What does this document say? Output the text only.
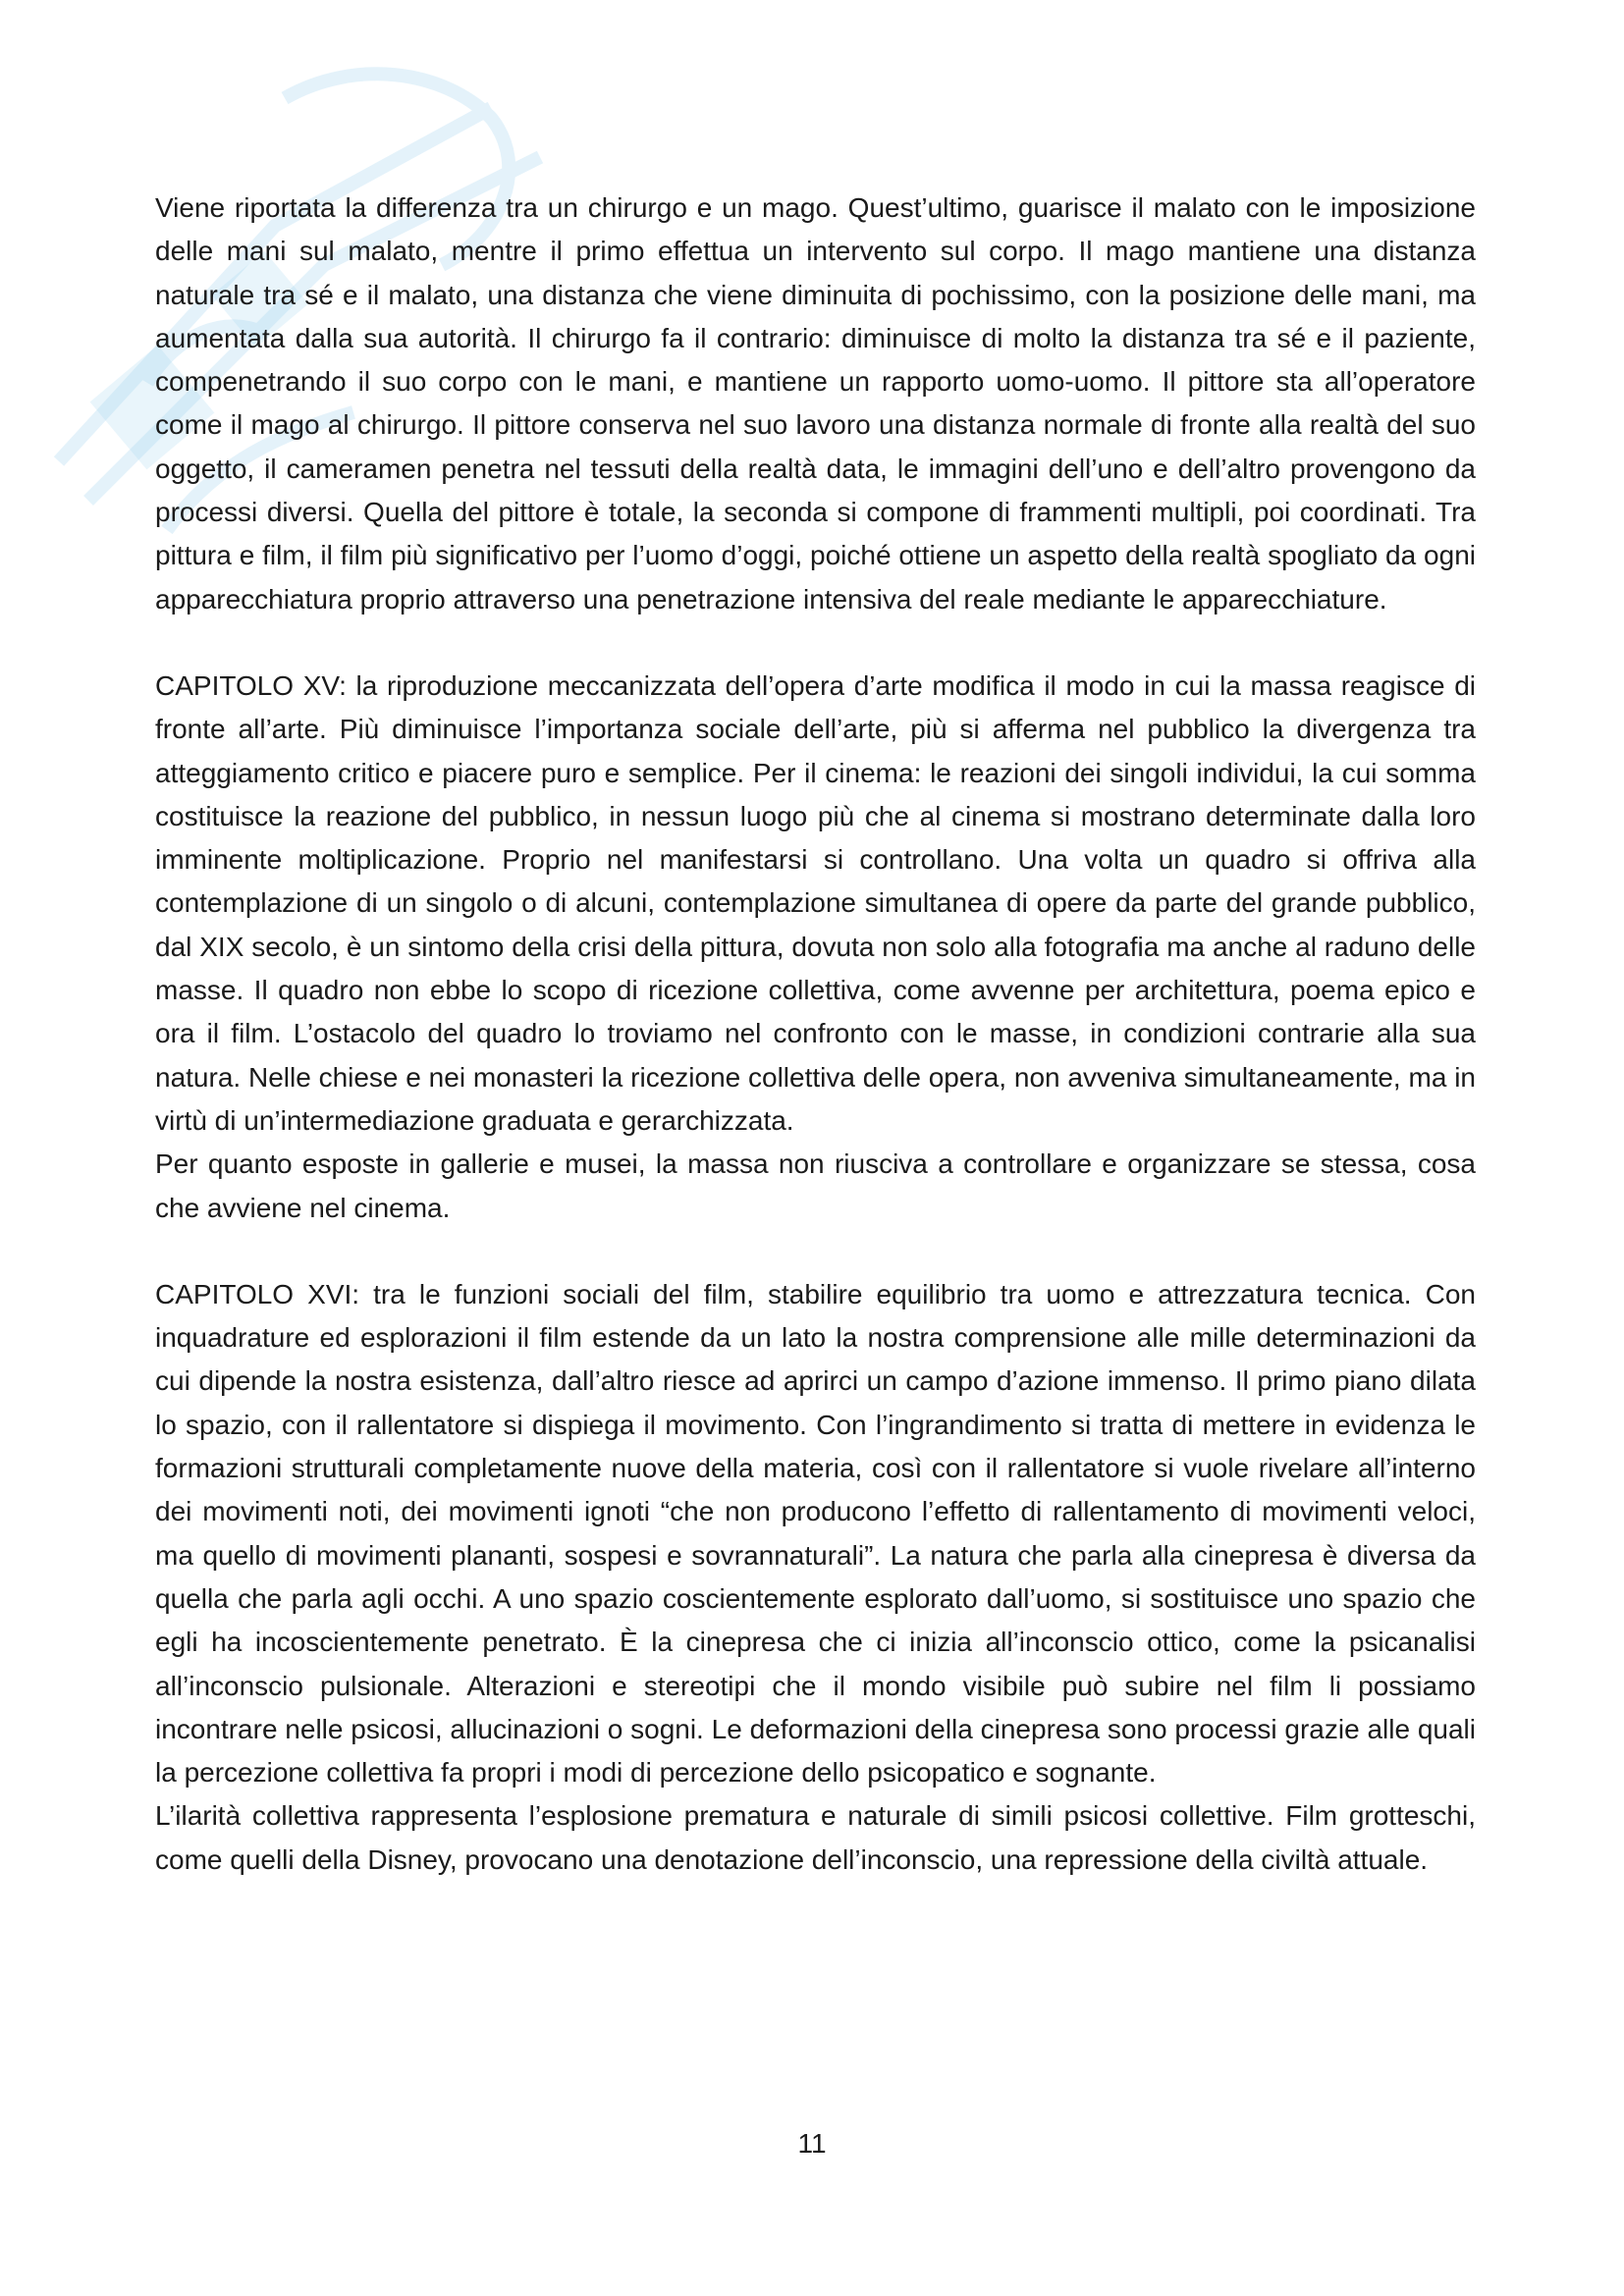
Viene riportata la differenza tra un chirurgo e un mago. Quest’ultimo, guarisce il malato con le imposizione delle mani sul malato, mentre il primo effettua un intervento sul corpo. Il mago mantiene una distanza naturale tra sé e il malato, una distanza che viene diminuita di pochissimo, con la posizione delle mani, ma aumentata dalla sua autorità. Il chirurgo fa il contrario: diminuisce di molto la distanza tra sé e il paziente, compenetrando il suo corpo con le mani, e mantiene un rapporto uomo-uomo. Il pittore sta all’operatore come il mago al chirurgo. Il pittore conserva nel suo lavoro una distanza normale di fronte alla realtà del suo oggetto, il cameramen penetra nel tessuti della realtà data, le immagini dell’uno e dell’altro provengono da processi diversi. Quella del pittore è totale, la seconda si compone di frammenti multipli, poi coordinati. Tra pittura e film, il film più significativo per l’uomo d’oggi, poiché ottiene un aspetto della realtà spogliato da ogni apparecchiatura proprio attraverso una penetrazione intensiva del reale mediante le apparecchiature.

CAPITOLO XV: la riproduzione meccanizzata dell’opera d’arte modifica il modo in cui la massa reagisce di fronte all’arte. Più diminuisce l’importanza sociale dell’arte, più si afferma nel pubblico la divergenza tra atteggiamento critico e piacere puro e semplice. Per il cinema: le reazioni dei singoli individui, la cui somma costituisce la reazione del pubblico, in nessun luogo più che al cinema si mostrano determinate dalla loro imminente moltiplicazione. Proprio nel manifestarsi si controllano. Una volta un quadro si offriva alla contemplazione di un singolo o di alcuni, contemplazione simultanea di opere da parte del grande pubblico, dal XIX secolo, è un sintomo della crisi della pittura, dovuta non solo alla fotografia ma anche al raduno delle masse. Il quadro non ebbe lo scopo di ricezione collettiva, come avvenne per architettura, poema epico e ora il film. L’ostacolo del quadro lo troviamo nel confronto con le masse, in condizioni contrarie alla sua natura. Nelle chiese e nei monasteri la ricezione collettiva delle opera, non avveniva simultaneamente, ma in virtù di un’intermediazione graduata e gerarchizzata.

Per quanto esposte in gallerie e musei, la massa non riusciva a controllare e organizzare se stessa, cosa che avviene nel cinema.

CAPITOLO XVI: tra le funzioni sociali del film, stabilire equilibrio tra uomo e attrezzatura tecnica. Con inquadrature ed esplorazioni il film estende da un lato la nostra comprensione alle mille determinazioni da cui dipende la nostra esistenza, dall’altro riesce ad aprirci un campo d’azione immenso. Il primo piano dilata lo spazio, con il rallentatore si dispiega il movimento. Con l’ingrandimento si tratta di mettere in evidenza le formazioni strutturali completamente nuove della materia, così con il rallentatore si vuole rivelare all’interno dei movimenti noti, dei movimenti ignoti “che non producono l’effetto di rallentamento di movimenti veloci, ma quello di movimenti plananti, sospesi e sovrannaturali”. La natura che parla alla cinepresa è diversa da quella che parla agli occhi. A uno spazio coscientemente esplorato dall’uomo, si sostituisce uno spazio che egli ha incoscientemente penetrato. È la cinepresa che ci inizia all’inconscio ottico, come la psicanalisi all’inconscio pulsionale. Alterazioni e stereotipi che il mondo visibile può subire nel film li possiamo incontrare nelle psicosi, allucinazioni o sogni. Le deformazioni della cinepresa sono processi grazie alle quali la percezione collettiva fa propri i modi di percezione dello psicopatico e sognante.

L’ilarità collettiva rappresenta l’esplosione prematura e naturale di simili psicosi collettive. Film grotteschi, come quelli della Disney, provocano una denotazione dell’inconscio, una repressione della civiltà attuale.

11
